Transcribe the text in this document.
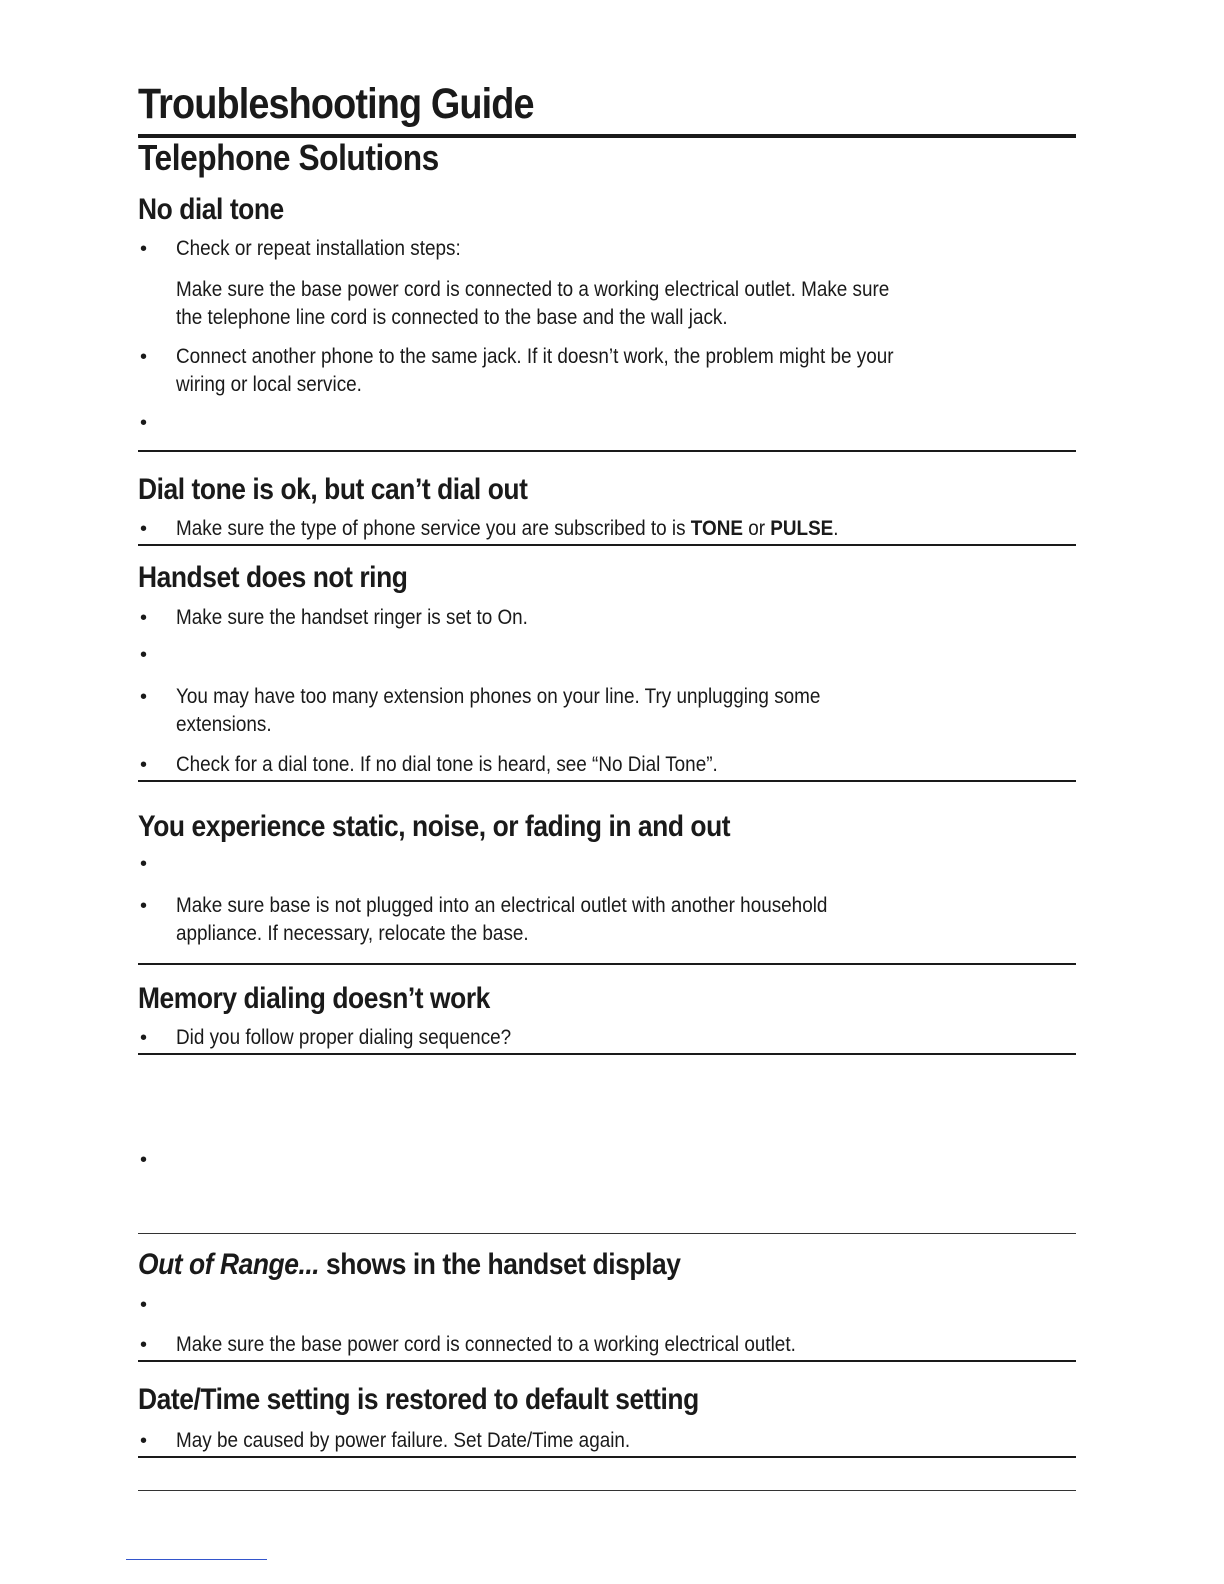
Troubleshooting Guide
Telephone Solutions
No dial tone
• Check or repeat installation steps:
Make sure the base power cord is connected to a working electrical outlet. Make sure
the telephone line cord is connected to the base and the wall jack.
• Connect another phone to the same jack. If it doesn’t work, the problem might be your
wiring or local service.
•
Dial tone is ok, but can’t dial out
• Make sure the type of phone service you are subscribed to is TONE or PULSE.
Handset does not ring
• Make sure the handset ringer is set to On.
•
• You may have too many extension phones on your line. Try unplugging some
extensions.
• Check for a dial tone. If no dial tone is heard, see “No Dial Tone”.
You experience static, noise, or fading in and out
•
• Make sure base is not plugged into an electrical outlet with another household
appliance. If necessary, relocate the base.
Memory dialing doesn’t work
• Did you follow proper dialing sequence?
•
Out of Range... shows in the handset display
•
• Make sure the base power cord is connected to a working electrical outlet.
Date/Time setting is restored to default setting
• May be caused by power failure. Set Date/Time again.
